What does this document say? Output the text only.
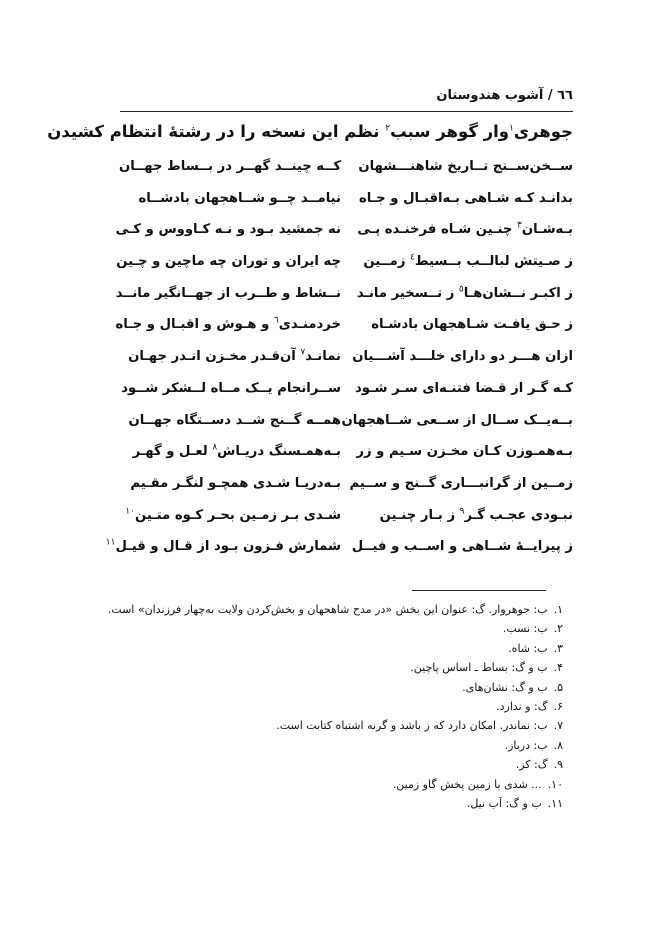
٦٦ / آشوب هندوستان
جوهری$^١$وار گوهر سبب$^٢$ نظم این نسخه را در رشتهٔ انتظام کشیدن
ســخن‌ســنج تــاریخ شاهنـــشهان
کــه چینــد گهــر در بــساط جهــان
بدانـد کـه شـاهی بـه‌اقبـال و جـاه
نیامــد چــو شــاهجهان بادشــاه
بـه‌شـان$^٣$ چنـین شـاه فرخنـده پـی
نه جمشید بـود و نـه کـاووس و کـی
ز صـیتش لبالــب بــسیط$^٤$ زمــین
چه ایران و توران چه ماچین و چـین
ز اکبـر نــشان‌هـا$^٥$ ز تــسخیر مانـد
نــشاط و طــرب از جهــانگیر مانــد
ز حـق یافـت شـاهجهان بادشـاه
خردمنـدی$^٦$ و هـوش و اقبـال و جـاه
ازان هـــر دو دارای خلـــد آشـــیان
نمانـد$^٧$ آن‌قـدر مخـزن انـدر جهـان
کـه گـر از قـضا فتنـه‌ای سـر شـود
ســرانجام یــک مــاه لــشکر شــود
بــه‌یــک ســال از ســعی شــاهجهان
همــه گــنج شــد دســتگاه جهــان
بـه‌همـوزن کـان مخـزن سـیم و زر
بـه‌همـسنگ دریـاش$^٨$ لعـل و گهـر
زمــین از گرانبـــاری گــنج و ســیم
بـه‌دریـا شـدی همچـو لنگـر مقـیم
نبـودی عجـب گـر$^٩$ ز بـار چنـین
شـدی بـر زمـین بحـر کـوه متـین$^{١٠}$
ز پیرایــهٔ شــاهی و اســب و فیــل
شمارش فـزون بـود از قـال و قیـل$^{١١}$
۱.ب: جوهروار. گ: عنوان این بخش «در مدح شاهجهان و بخش‌کردن ولایت به‌چهار فرزندان» است.
۲.ب: نسب.
۳.ب: شاه.
۴.ب و گ: بساط ـ اساس پاچین.
۵.ب و گ: نشان‌های.
۶.گ: و ندارد.
۷.ب: نماندر. امکان دارد که ز باشد و گرنه اشتباه کتابت است.
۸.ب: درباز.
۹.گ: کز.
۱۰.... شدی با زمین پخش گاو زمین.
۱۱.ب و گ: آب نیل.
